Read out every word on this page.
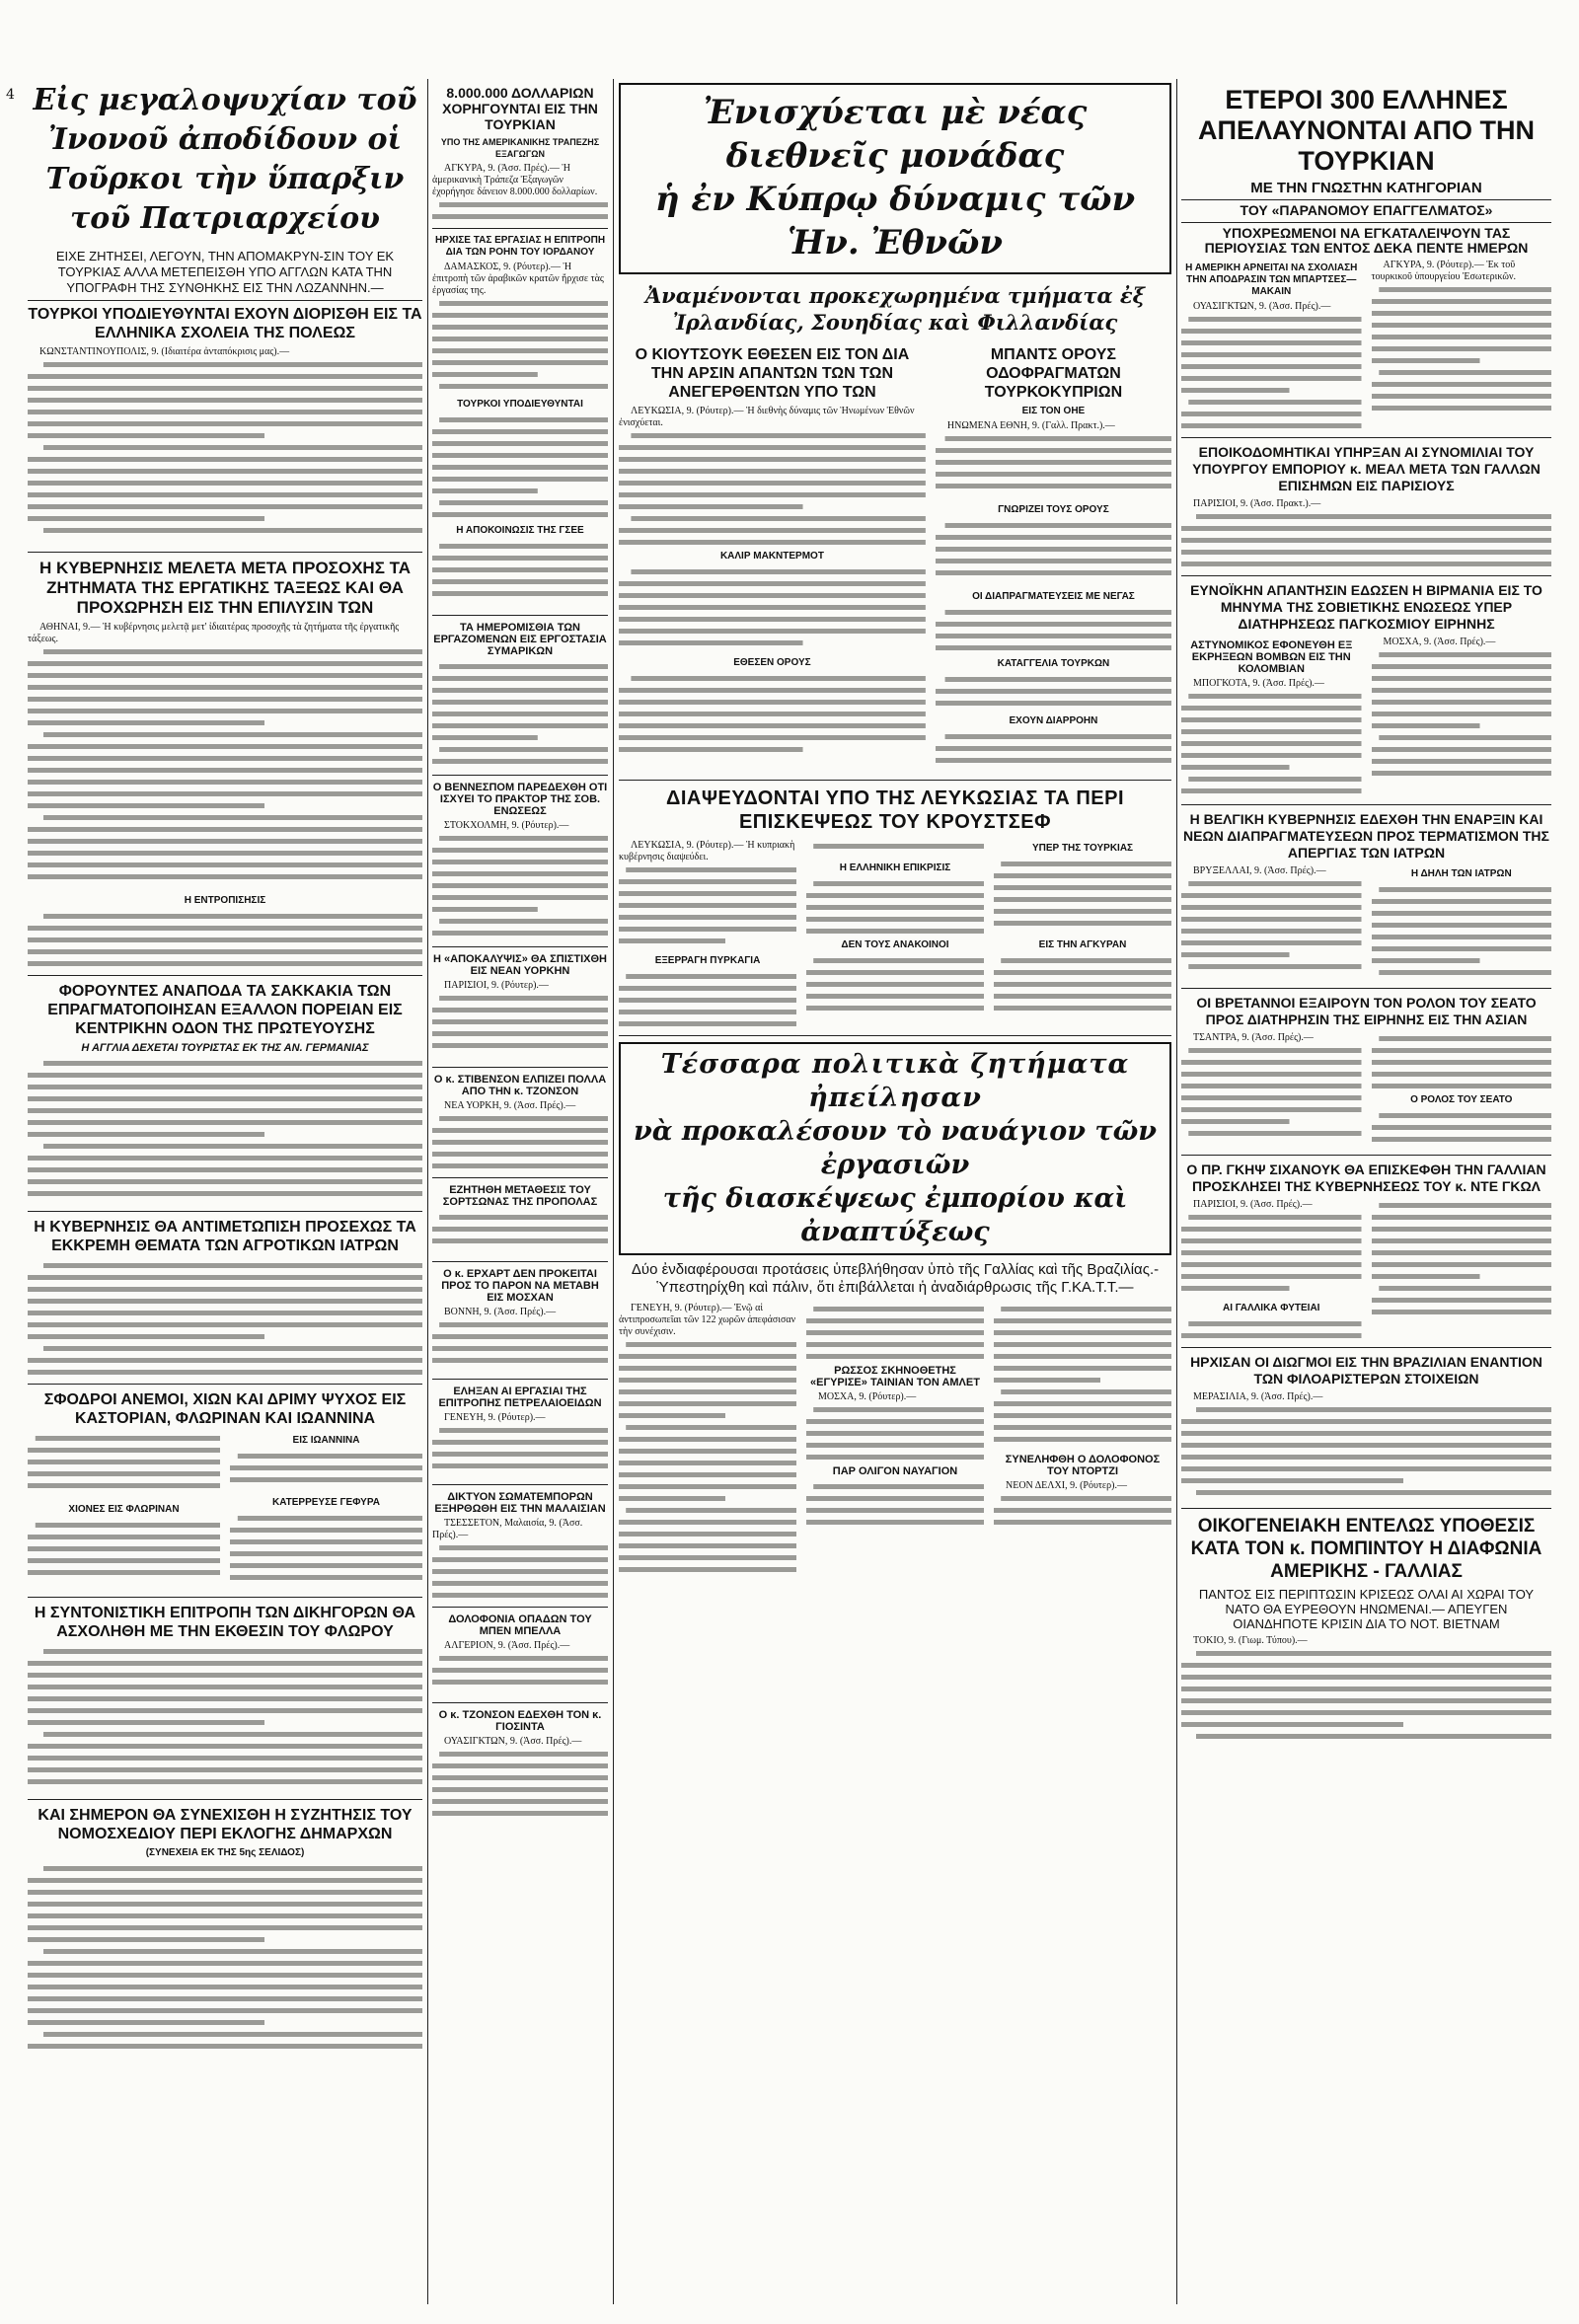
4 Εἰς μεγαλοψυχίαν τοῦ Ἰνονοῦ ἀποδίδουν οἱ Τοῦρκοι τὴν ὕπαρξιν τοῦ Πατριαρχείου
ΕΙΧΕ ΖΗΤΗΣΕΙ, ΛΕΓΟΥΝ, ΤΗΝ ΑΠΟΜΑΚΡΥΝ-ΣΙΝ ΤΟΥ ΕΚ ΤΟΥΡΚΙΑΣ ΑΛΛΑ ΜΕΤΕΠΕΙΣΘΗ ΥΠΟ ΑΓΓΛΩΝ ΚΑΤΑ ΤΗΝ ΥΠΟΓΡΑΦΗ ΤΗΣ ΣΥΝΘΗΚΗΣ ΕΙΣ ΤΗΝ ΛΩΖΑΝΝΗΝ.—
ΤΟΥΡΚΟΙ ΥΠΟΔΙΕΥΘΥΝΤΑΙ ΕΧΟΥΝ ΔΙΟΡΙΣΘΗ ΕΙΣ ΤΑ ΕΛΛΗΝΙΚΑ ΣΧΟΛΕΙΑ ΤΗΣ ΠΟΛΕΩΣ
ΚΩΝΣΤΑΝΤΙΝΟΥΠΟΛΙΣ, 9. (Ιδιαιτέρα ἀνταπόκρισις μας).—
Η ΚΥΒΕΡΝΗΣΙΣ ΜΕΛΕΤΑ ΜΕΤΑ ΠΡΟΣΟΧΗΣ ΤΑ ΖΗΤΗΜΑΤΑ ΤΗΣ ΕΡΓΑΤΙΚΗΣ ΤΑΞΕΩΣ ΚΑΙ ΘΑ ΠΡΟΧΩΡΗΣΗ ΕΙΣ ΤΗΝ ΕΠΙΛΥΣΙΝ ΤΩΝ
ΑΘΗΝΑΙ, 9.— Ἡ κυβέρνησις μελετᾷ μετ' ἰδιαιτέρας προσοχῆς τὰ ζητήματα τῆς ἐργατικῆς τάξεως.
Η ΕΝΤΡΟΠΙΣΗΣΙΣ
ΦΟΡΟΥΝΤΕΣ ΑΝΑΠΟΔΑ ΤΑ ΣΑΚΚΑΚΙΑ ΤΩΝ ΕΠΡΑΓΜΑΤΟΠΟΙΗΣΑΝ ΕΞΑΛΛΟΝ ΠΟΡΕΙΑΝ ΕΙΣ ΚΕΝΤΡΙΚΗΝ ΟΔΟΝ ΤΗΣ ΠΡΩΤΕΥΟΥΣΗΣ
Η ΑΓΓΛΙΑ ΔΕΧΕΤΑΙ ΤΟΥΡΙΣΤΑΣ ΕΚ ΤΗΣ ΑΝ. ΓΕΡΜΑΝΙΑΣ
Η ΚΥΒΕΡΝΗΣΙΣ ΘΑ ΑΝΤΙΜΕΤΩΠΙΣΗ ΠΡΟΣΕΧΩΣ ΤΑ ΕΚΚΡΕΜΗ ΘΕΜΑΤΑ ΤΩΝ ΑΓΡΟΤΙΚΩΝ ΙΑΤΡΩΝ
ΣΦΟΔΡΟΙ ΑΝΕΜΟΙ, ΧΙΩΝ ΚΑΙ ΔΡΙΜΥ ΨΥΧΟΣ ΕΙΣ ΚΑΣΤΟΡΙΑΝ, ΦΛΩΡΙΝΑΝ ΚΑΙ ΙΩΑΝΝΙΝΑ
ΧΙΟΝΕΣ ΕΙΣ ΦΛΩΡΙΝΑΝ
ΕΙΣ ΙΩΑΝΝΙΝΑ
ΚΑΤΕΡΡΕΥΣΕ ΓΕΦΥΡΑ
Η ΣΥΝΤΟΝΙΣΤΙΚΗ ΕΠΙΤΡΟΠΗ ΤΩΝ ΔΙΚΗΓΟΡΩΝ ΘΑ ΑΣΧΟΛΗΘΗ ΜΕ ΤΗΝ ΕΚΘΕΣΙΝ ΤΟΥ ΦΛΩΡΟΥ
ΚΑΙ ΣΗΜΕΡΟΝ ΘΑ ΣΥΝΕΧΙΣΘΗ Η ΣΥΖΗΤΗΣΙΣ ΤΟΥ ΝΟΜΟΣΧΕΔΙΟΥ ΠΕΡΙ ΕΚΛΟΓΗΣ ΔΗΜΑΡΧΩΝ
(ΣΥΝΕΧΕΙΑ ΕΚ ΤΗΣ 5ης ΣΕΛΙΔΟΣ)
8.000.000 ΔΟΛΛΑΡΙΩΝ ΧΟΡΗΓΟΥΝΤΑΙ ΕΙΣ ΤΗΝ ΤΟΥΡΚΙΑΝ
ΥΠΟ ΤΗΣ ΑΜΕΡΙΚΑΝΙΚΗΣ ΤΡΑΠΕΖΗΣ ΕΞΑΓΩΓΩΝ
ΑΓΚΥΡΑ, 9. (Ἀσσ. Πρές).— Ἡ ἀμερικανικὴ Τράπεζα Ἐξαγωγῶν ἐχορήγησε δάνειον 8.000.000 δολλαρίων.
ΗΡΧΙΣΕ ΤΑΣ ΕΡΓΑΣΙΑΣ Η ΕΠΙΤΡΟΠΗ ΔΙΑ ΤΩΝ ΡΟΗΝ ΤΟΥ ΙΟΡΔΑΝΟΥ
ΔΑΜΑΣΚΟΣ, 9. (Ρόυτερ).— Ἡ ἐπιτροπὴ τῶν ἀραβικῶν κρατῶν ἤρχισε τὰς ἐργασίας της.
ΤΟΥΡΚΟΙ ΥΠΟΔΙΕΥΘΥΝΤΑΙ
Η ΑΠΟΚΟΙΝΩΣΙΣ ΤΗΣ ΓΣΕΕ
ΤΑ ΗΜΕΡΟΜΙΣΘΙΑ ΤΩΝ ΕΡΓΑΖΟΜΕΝΩΝ ΕΙΣ ΕΡΓΟΣΤΑΣΙΑ ΣΥΜΑΡΙΚΩΝ
Ο ΒΕΝΝΕΣΠΟΜ ΠΑΡΕΔΕΧΘΗ ΟΤΙ ΙΣΧΥΕΙ ΤΟ ΠΡΑΚΤΟΡ ΤΗΣ ΣΟΒ. ΕΝΩΣΕΩΣ
ΣΤΟΚΧΟΛΜΗ, 9. (Ρόυτερ).—
Η «ΑΠΟΚΑΛΥΨΙΣ» ΘΑ ΣΠΙΣΤΙΧΘΗ ΕΙΣ ΝΕΑΝ ΥΟΡΚΗΝ
ΠΑΡΙΣΙΟΙ, 9. (Ρόυτερ).—
Ο κ. ΣΤΙΒΕΝΣΟΝ ΕΛΠΙΖΕΙ ΠΟΛΛΑ ΑΠΟ ΤΗΝ κ. ΤΖΟΝΣΟΝ
ΝΕΑ ΥΟΡΚΗ, 9. (Ἀσσ. Πρές).—
ΕΖΗΤΗΘΗ ΜΕΤΑΘΕΣΙΣ ΤΟΥ ΣΟΡΤΣΩΝΑΣ ΤΗΣ ΠΡΟΠΟΛΑΣ
Ο κ. ΕΡΧΑΡΤ ΔΕΝ ΠΡΟΚΕΙΤΑΙ ΠΡΟΣ ΤΟ ΠΑΡΟΝ ΝΑ ΜΕΤΑΒΗ ΕΙΣ ΜΟΣΧΑΝ
ΒΟΝΝΗ, 9. (Ἀσσ. Πρές).—
ΕΛΗΞΑΝ ΑΙ ΕΡΓΑΣΙΑΙ ΤΗΣ ΕΠΙΤΡΟΠΗΣ ΠΕΤΡΕΛΑΙΟΕΙΔΩΝ
ΓΕΝΕΥΗ, 9. (Ρόυτερ).—
ΔΙΚΤΥΟΝ ΣΩΜΑΤΕΜΠΟΡΩΝ ΕΞΗΡΘΩΘΗ ΕΙΣ ΤΗΝ ΜΑΛΑΙΣΙΑΝ
ΤΣΕΣΣΕΤΟΝ, Μαλαισία, 9. (Ἀσσ. Πρές).—
ΔΟΛΟΦΟΝΙΑ ΟΠΑΔΩΝ ΤΟΥ ΜΠΕΝ ΜΠΕΛΛΑ
ΑΛΓΕΡΙΟΝ, 9. (Ἀσσ. Πρές).—
Ο κ. ΤΖΟΝΣΟΝ ΕΔΕΧΘΗ ΤΟΝ κ. ΓΙΟΣΙΝΤΑ
ΟΥΑΣΙΓΚΤΩΝ, 9. (Ἀσσ. Πρές).—
Ἐνισχύεται μὲ νέας διεθνεῖς μονάδας
ἡ ἐν Κύπρῳ δύναμις τῶν Ἡν. Ἐθνῶν
Ἀναμένονται προκεχωρημένα τμήματα ἐξ Ἰρλανδίας, Σουηδίας καὶ Φιλλανδίας
Ο ΚΙΟΥΤΣΟΥΚ ΕΘΕΣΕΝ ΕΙΣ ΤΟΝ ΔΙΑ ΤΗΝ ΑΡΣΙΝ ΑΠΑΝΤΩΝ ΤΩΝ ΤΩΝ ΑΝΕΓΕΡΘΕΝΤΩΝ ΥΠΟ ΤΩΝ
ΛΕΥΚΩΣΙΑ, 9. (Ρόυτερ).— Ἡ διεθνὴς δύναμις τῶν Ἡνωμένων Ἐθνῶν ἐνισχύεται.
ΚΑΛΙΡ ΜΑΚΝΤΕΡΜΟΤ
ΕΘΕΣΕΝ ΟΡΟΥΣ
ΜΠΑΝΤΣ ΟΡΟΥΣ ΟΔΟΦΡΑΓΜΑΤΩΝ ΤΟΥΡΚΟΚΥΠΡΙΩΝ
ΕΙΣ ΤΟΝ ΟΗΕ
ΗΝΩΜΕΝΑ ΕΘΝΗ, 9. (Γαλλ. Πρακτ.).—
ΓΝΩΡΙΖΕΙ ΤΟΥΣ ΟΡΟΥΣ
ΟΙ ΔΙΑΠΡΑΓΜΑΤΕΥΣΕΙΣ ΜΕ ΝΕΓΑΣ
ΚΑΤΑΓΓΕΛΙΑ ΤΟΥΡΚΩΝ
ΕΧΟΥΝ ΔΙΑΡΡΟΗΝ
ΔΙΑΨΕΥΔΟΝΤΑΙ ΥΠΟ ΤΗΣ ΛΕΥΚΩΣΙΑΣ ΤΑ ΠΕΡΙ ΕΠΙΣΚΕΨΕΩΣ ΤΟΥ ΚΡΟΥΣΤΣΕΦ
ΛΕΥΚΩΣΙΑ, 9. (Ρόυτερ).— Ἡ κυπριακὴ κυβέρνησις διαψεύδει.
ΕΞΕΡΡΑΓΗ ΠΥΡΚΑΓΙΑ
Η ΕΛΛΗΝΙΚΗ ΕΠΙΚΡΙΣΙΣ
ΔΕΝ ΤΟΥΣ ΑΝΑΚΟΙΝΟΙ
ΥΠΕΡ ΤΗΣ ΤΟΥΡΚΙΑΣ
ΕΙΣ ΤΗΝ ΑΓΚΥΡΑΝ
Τέσσαρα πολιτικὰ ζητήματα ἠπείλησαν
νὰ προκαλέσουν τὸ ναυάγιον τῶν ἐργασιῶν
τῆς διασκέψεως ἐμπορίου καὶ ἀναπτύξεως
Δύο ἐνδιαφέρουσαι προτάσεις ὑπεβλήθησαν ὑπὸ τῆς Γαλλίας καὶ τῆς Βραζιλίας.- Ὑπεστηρίχθη καὶ πάλιν, ὅτι ἐπιβάλλεται ἡ ἀναδιάρθρωσις τῆς Γ.ΚΑ.Τ.Τ.—
ΓΕΝΕΥΗ, 9. (Ρόυτερ).— Ἐνῷ αἱ ἀντιπροσωπεῖαι τῶν 122 χωρῶν ἀπεφάσισαν τὴν συνέχισιν.
ΡΩΣΣΟΣ ΣΚΗΝΟΘΕΤΗΣ «ΕΓΥΡΙΣΕ» ΤΑΙΝΙΑΝ ΤΟΝ ΑΜΛΕΤ
ΜΟΣΧΑ, 9. (Ρόυτερ).—
ΠΑΡ ΟΛΙΓΟΝ ΝΑΥΑΓΙΟΝ
ΣΥΝΕΛΗΦΘΗ Ο ΔΟΛΟΦΟΝΟΣ ΤΟΥ ΝΤΟΡΤΖΙ
ΝΕΟΝ ΔΕΛΧΙ, 9. (Ρόυτερ).—
ΕΤΕΡΟΙ 300 ΕΛΛΗΝΕΣ ΑΠΕΛΑΥΝΟΝΤΑΙ ΑΠΟ ΤΗΝ ΤΟΥΡΚΙΑΝ
ΜΕ ΤΗΝ ΓΝΩΣΤΗΝ ΚΑΤΗΓΟΡΙΑΝ
ΤΟΥ «ΠΑΡΑΝΟΜΟΥ ΕΠΑΓΓΕΛΜΑΤΟΣ»
ΥΠΟΧΡΕΩΜΕΝΟΙ ΝΑ ΕΓΚΑΤΑΛΕΙΨΟΥΝ ΤΑΣ ΠΕΡΙΟΥΣΙΑΣ ΤΩΝ ΕΝΤΟΣ ΔΕΚΑ ΠΕΝΤΕ ΗΜΕΡΩΝ
Η ΑΜΕΡΙΚΗ ΑΡΝΕΙΤΑΙ ΝΑ ΣΧΟΛΙΑΣΗ ΤΗΝ ΑΠΟΔΡΑΣΙΝ ΤΩΝ ΜΠΑΡΤΣΕΣ—ΜΑΚΑΙΝ
ΟΥΑΣΙΓΚΤΩΝ, 9. (Ἀσσ. Πρές).—
ΑΓΚΥΡΑ, 9. (Ρόυτερ).— Ἐκ τοῦ τουρκικοῦ ὑπουργείου Ἐσωτερικῶν.
ΕΠΟΙΚΟΔΟΜΗΤΙΚΑΙ ΥΠΗΡΞΑΝ ΑΙ ΣΥΝΟΜΙΛΙΑΙ ΤΟΥ ΥΠΟΥΡΓΟΥ ΕΜΠΟΡΙΟΥ κ. ΜΕΑΛ ΜΕΤΑ ΤΩΝ ΓΑΛΛΩΝ ΕΠΙΣΗΜΩΝ ΕΙΣ ΠΑΡΙΣΙΟΥΣ
ΠΑΡΙΣΙΟΙ, 9. (Ἀσσ. Πρακτ.).—
ΕΥΝΟΪΚΗΝ ΑΠΑΝΤΗΣΙΝ ΕΔΩΣΕΝ Η ΒΙΡΜΑΝΙΑ ΕΙΣ ΤΟ ΜΗΝΥΜΑ ΤΗΣ ΣΟΒΙΕΤΙΚΗΣ ΕΝΩΣΕΩΣ ΥΠΕΡ ΔΙΑΤΗΡΗΣΕΩΣ ΠΑΓΚΟΣΜΙΟΥ ΕΙΡΗΝΗΣ
ΑΣΤΥΝΟΜΙΚΟΣ ΕΦΟΝΕΥΘΗ ΕΞ ΕΚΡΗΞΕΩΝ ΒΟΜΒΩΝ ΕΙΣ ΤΗΝ ΚΟΛΟΜΒΙΑΝ
ΜΠΟΓΚΟΤΑ, 9. (Ἀσσ. Πρές).—
ΜΟΣΧΑ, 9. (Ἀσσ. Πρές).—
Η ΒΕΛΓΙΚΗ ΚΥΒΕΡΝΗΣΙΣ ΕΔΕΧΘΗ ΤΗΝ ΕΝΑΡΞΙΝ ΚΑΙ ΝΕΩΝ ΔΙΑΠΡΑΓΜΑΤΕΥΣΕΩΝ ΠΡΟΣ ΤΕΡΜΑΤΙΣΜΟΝ ΤΗΣ ΑΠΕΡΓΙΑΣ ΤΩΝ ΙΑΤΡΩΝ
ΒΡΥΞΕΛΛΑΙ, 9. (Ἀσσ. Πρές).—	Η ΔΗΛΗ ΤΩΝ ΙΑΤΡΩΝ
ΟΙ ΒΡΕΤΑΝΝΟΙ ΕΞΑΙΡΟΥΝ ΤΟΝ ΡΟΛΟΝ ΤΟΥ ΣΕΑΤΟ ΠΡΟΣ ΔΙΑΤΗΡΗΣΙΝ ΤΗΣ ΕΙΡΗΝΗΣ ΕΙΣ ΤΗΝ ΑΣΙΑΝ
ΤΣΑΝΤΡΑ, 9. (Ἀσσ. Πρές).—
Ο ΡΟΛΟΣ ΤΟΥ ΣΕΑΤΟ
Ο ΠΡ. ΓΚΗΨ ΣΙΧΑΝΟΥΚ ΘΑ ΕΠΙΣΚΕΦΘΗ ΤΗΝ ΓΑΛΛΙΑΝ ΠΡΟΣΚΛΗΣΕΙ ΤΗΣ ΚΥΒΕΡΝΗΣΕΩΣ ΤΟΥ κ. ΝΤΕ ΓΚΩΛ
ΠΑΡΙΣΙΟΙ, 9. (Ἀσσ. Πρές).—
ΑΙ ΓΑΛΛΙΚΑ ΦΥΤΕΙΑΙ
ΗΡΧΙΣΑΝ ΟΙ ΔΙΩΓΜΟΙ ΕΙΣ ΤΗΝ ΒΡΑΖΙΛΙΑΝ ΕΝΑΝΤΙΟΝ ΤΩΝ ΦΙΛΟΑΡΙΣΤΕΡΩΝ ΣΤΟΙΧΕΙΩΝ
ΜΕΡΑΣΙΛΙΑ, 9. (Ἀσσ. Πρές).—
ΟΙΚΟΓΕΝΕΙΑΚΗ ΕΝΤΕΛΩΣ ΥΠΟΘΕΣΙΣ ΚΑΤΑ ΤΟΝ κ. ΠΟΜΠΙΝΤΟΥ Η ΔΙΑΦΩΝΙΑ ΑΜΕΡΙΚΗΣ - ΓΑΛΛΙΑΣ
ΠΑΝΤΟΣ ΕΙΣ ΠΕΡΙΠΤΩΣΙΝ ΚΡΙΣΕΩΣ ΟΛΑΙ ΑΙ ΧΩΡΑΙ ΤΟΥ ΝΑΤΟ ΘΑ ΕΥΡΕΘΟΥΝ ΗΝΩΜΕΝΑΙ.— ΑΠΕΥΓΕΝ ΟΙΑΝΔΗΠΟΤΕ ΚΡΙΣΙΝ ΔΙΑ ΤΟ ΝΟΤ. ΒΙΕΤΝΑΜ
ΤΟΚΙΟ, 9. (Γιωμ. Τύπου).—
